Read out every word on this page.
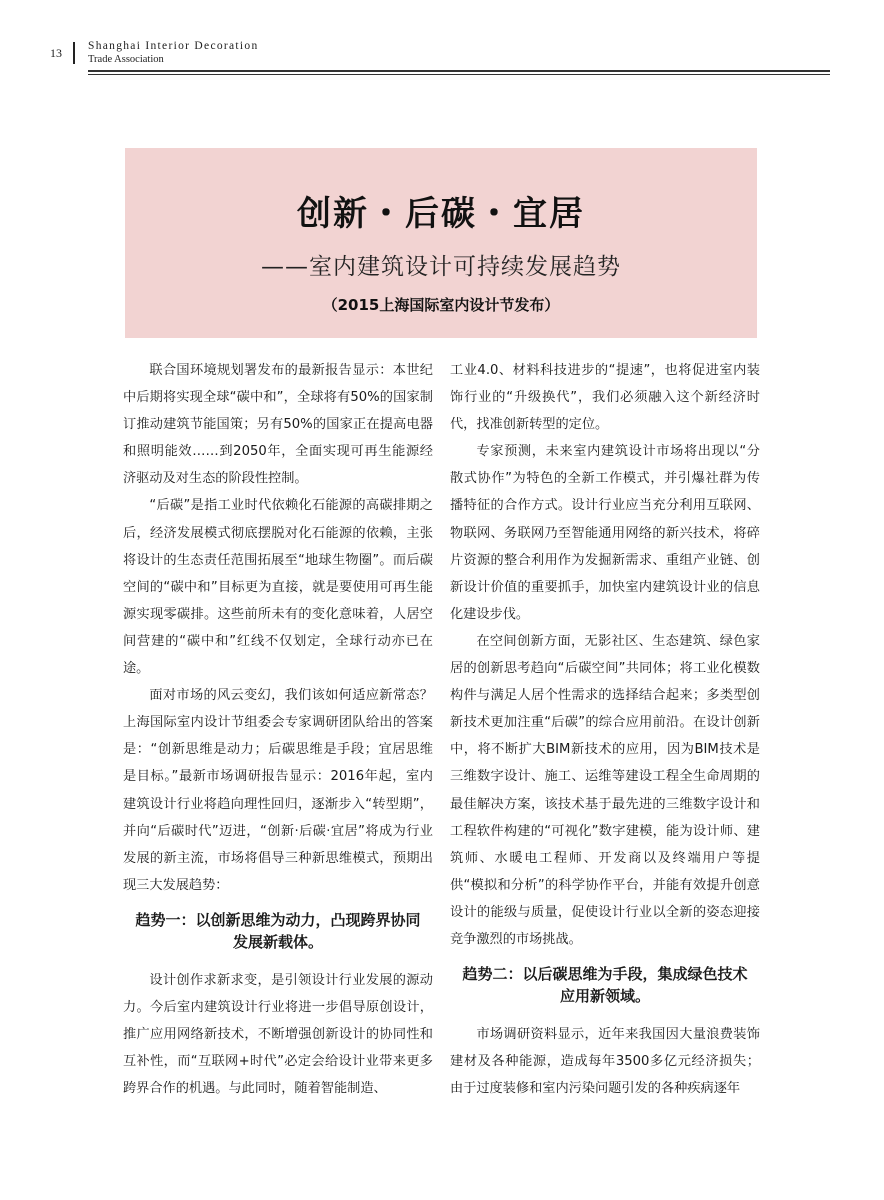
13 Shanghai Interior Decoration
Trade Association
创新・后碳・宜居
——室内建筑设计可持续发展趋势
（2015上海国际室内设计节发布）

联合国环境规划署发布的最新报告显示：本世纪中后期将实现全球“碳中和”，全球将有50%的国家制订推动建筑节能国策；另有50%的国家正在提高电器和照明能效……到2050年，全面实现可再生能源经济驱动及对生态的阶段性控制。

“后碳”是指工业时代依赖化石能源的高碳排期之后，经济发展模式彻底摆脱对化石能源的依赖，主张将设计的生态责任范围拓展至“地球生物圈”。而后碳空间的“碳中和”目标更为直接，就是要使用可再生能源实现零碳排。这些前所未有的变化意味着，人居空间营建的“碳中和”红线不仅划定，全球行动亦已在途。

面对市场的风云变幻，我们该如何适应新常态？上海国际室内设计节组委会专家调研团队给出的答案是：“创新思维是动力；后碳思维是手段；宜居思维是目标。”最新市场调研报告显示：2016年起，室内建筑设计行业将趋向理性回归，逐渐步入“转型期”，并向“后碳时代”迈进，“创新·后碳·宜居”将成为行业发展的新主流，市场将倡导三种新思维模式，预期出现三大发展趋势：

趋势一：以创新思维为动力，凸现跨界协同
发展新载体。

设计创作求新求变，是引领设计行业发展的源动力。今后室内建筑设计行业将进一步倡导原创设计，推广应用网络新技术，不断增强创新设计的协同性和互补性，而“互联网+时代”必定会给设计业带来更多跨界合作的机遇。与此同时，随着智能制造、

工业4.0、材料科技进步的“提速”，也将促进室内装饰行业的“升级换代”，我们必须融入这个新经济时代，找准创新转型的定位。

专家预测，未来室内建筑设计市场将出现以“分散式协作”为特色的全新工作模式，并引爆社群为传播特征的合作方式。设计行业应当充分利用互联网、物联网、务联网乃至智能通用网络的新兴技术，将碎片资源的整合利用作为发掘新需求、重组产业链、创新设计价值的重要抓手，加快室内建筑设计业的信息化建设步伐。

在空间创新方面，无影社区、生态建筑、绿色家居的创新思考趋向“后碳空间”共同体；将工业化模数构件与满足人居个性需求的选择结合起来；多类型创新技术更加注重“后碳”的综合应用前沿。在设计创新中，将不断扩大BIM新技术的应用，因为BIM技术是三维数字设计、施工、运维等建设工程全生命周期的最佳解决方案，该技术基于最先进的三维数字设计和工程软件构建的“可视化”数字建模，能为设计师、建筑师、水暖电工程师、开发商以及终端用户等提供“模拟和分析”的科学协作平台，并能有效提升创意设计的能级与质量，促使设计行业以全新的姿态迎接竞争激烈的市场挑战。

趋势二：以后碳思维为手段，集成绿色技术
应用新领域。

市场调研资料显示，近年来我国因大量浪费装饰建材及各种能源，造成每年3500多亿元经济损失；由于过度装修和室内污染问题引发的各种疾病逐年
